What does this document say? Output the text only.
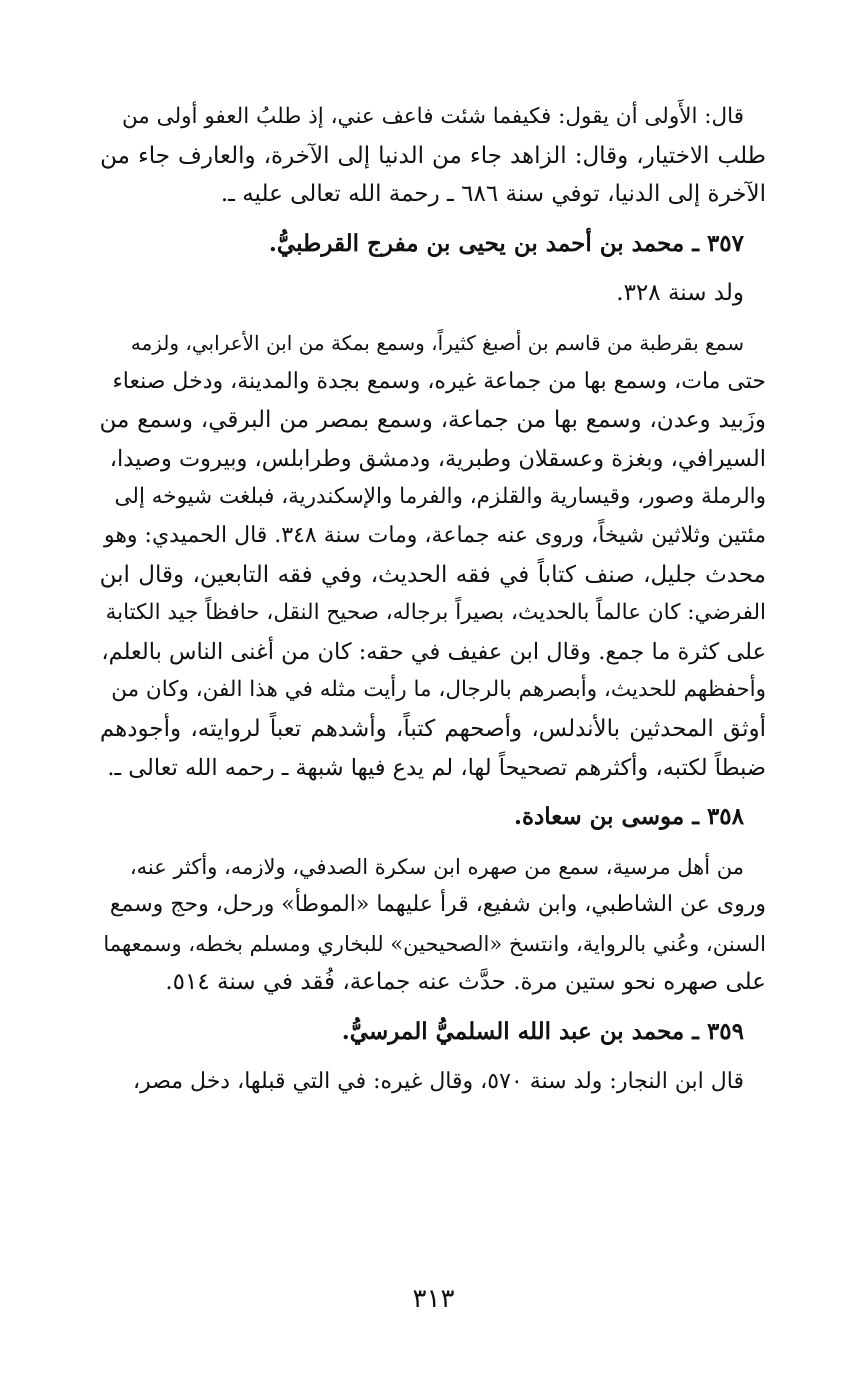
قال: الأَولى أن يقول: فكيفما شئت فاعف عني، إذ طلبُ العفو أولى من
طلب الاختيار، وقال: الزاهد جاء من الدنيا إلى الآخرة، والعارف جاء من
الآخرة إلى الدنيا، توفي سنة ٦٨٦ ـ رحمة الله تعالى عليه ـ.
٣٥٧ ـ محمد بن أحمد بن يحيى بن مفرج القرطبيُّ.
ولد سنة ٣٢٨.
سمع بقرطبة من قاسم بن أصبغ كثيراً، وسمع بمكة من ابن الأعرابي، ولزمه
حتى مات، وسمع بها من جماعة غيره، وسمع بجدة والمدينة، ودخل صنعاء
وزَبيد وعدن، وسمع بها من جماعة، وسمع بمصر من البرقي، وسمع من
السيرافي، وبغزة وعسقلان وطبرية، ودمشق وطرابلس، وبيروت وصيدا،
والرملة وصور، وقيسارية والقلزم، والفرما والإسكندرية، فبلغت شيوخه إلى
مئتين وثلاثين شيخاً، وروى عنه جماعة، ومات سنة ٣٤٨. قال الحميدي: وهو
محدث جليل، صنف كتاباً في فقه الحديث، وفي فقه التابعين، وقال ابن
الفرضي: كان عالماً بالحديث، بصيراً برجاله، صحيح النقل، حافظاً جيد الكتابة
على كثرة ما جمع. وقال ابن عفيف في حقه: كان من أغنى الناس بالعلم،
وأحفظهم للحديث، وأبصرهم بالرجال، ما رأيت مثله في هذا الفن، وكان من
أوثق المحدثين بالأندلس، وأصحهم كتباً، وأشدهم تعباً لروايته، وأجودهم
ضبطاً لكتبه، وأكثرهم تصحيحاً لها، لم يدع فيها شبهة ـ رحمه الله تعالى ـ.
٣٥٨ ـ موسى بن سعادة.
من أهل مرسية، سمع من صهره ابن سكرة الصدفي، ولازمه، وأكثر عنه،
وروى عن الشاطبي، وابن شفيع، قرأ عليهما «الموطأ» ورحل، وحج وسمع
السنن، وعُني بالرواية، وانتسخ «الصحيحين» للبخاري ومسلم بخطه، وسمعهما
على صهره نحو ستين مرة. حدَّث عنه جماعة، فُقد في سنة ٥١٤.
٣٥٩ ـ محمد بن عبد الله السلميُّ المرسيُّ.
قال ابن النجار: ولد سنة ٥٧٠، وقال غيره: في التي قبلها، دخل مصر،
٣١٣
